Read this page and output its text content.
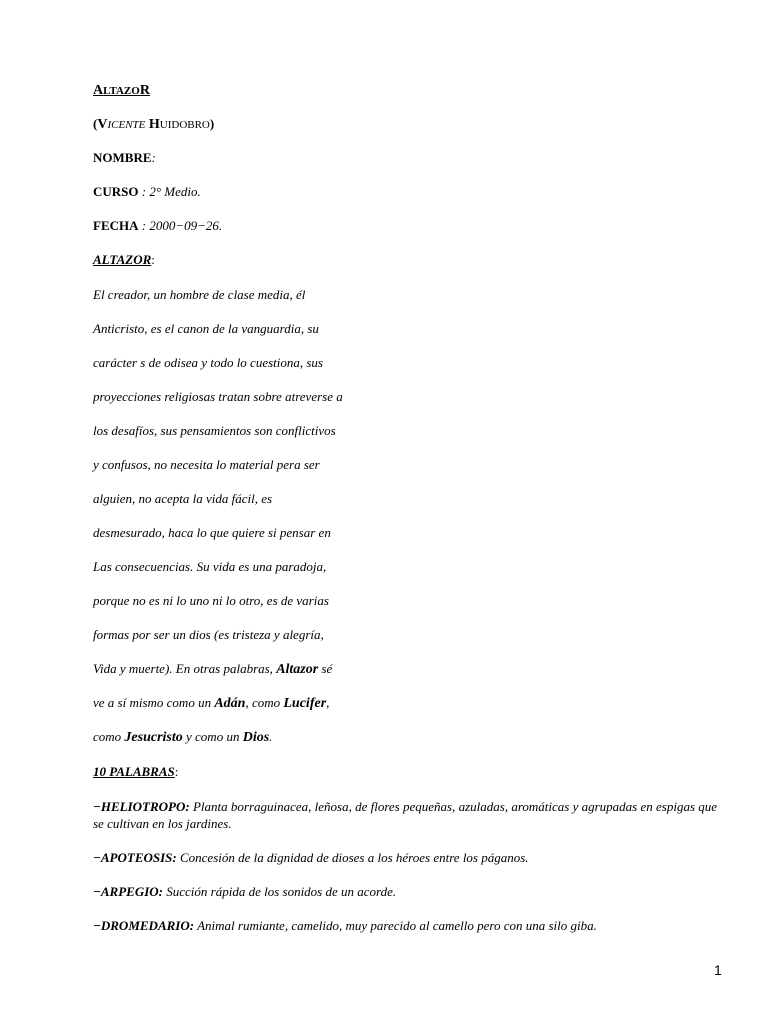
ALTAZOR
(VICENTE HUIDOBRO)
NOMBRE:
CURSO : 2° Medio.
FECHA : 2000−09−26.
ALTAZOR:
El creador, un hombre de clase media, él
Anticristo, es el canon de la vanguardia, su
carácter s de odisea y todo lo cuestiona, sus
proyecciones religiosas tratan sobre atreverse a
los desafíos, sus pensamientos son conflictivos
y confusos, no necesita lo material pera ser
alguien, no acepta la vida fácil, es
desmesurado, haca lo que quiere si pensar en
Las consecuencias. Su vida es una paradoja,
porque no es ni lo uno ni lo otro, es de varias
formas por ser un dios (es tristeza y alegría,
Vida y muerte). En otras palabras, Altazor sé
ve a sí mismo como un Adán, como Lucifer,
como Jesucristo y como un Dios.
10 PALABRAS:
−HELIOTROPO: Planta borraguinacea, leñosa, de flores pequeñas, azuladas, aromáticas y agrupadas en espigas que se cultivan en los jardines.
−APOTEOSIS: Concesión de la dignidad de dioses a los héroes entre los páganos.
−ARPEGIO: Succión rápida de los sonidos de un acorde.
−DROMEDARIO: Animal rumiante, camelido, muy parecido al camello pero con una silo giba.
1
